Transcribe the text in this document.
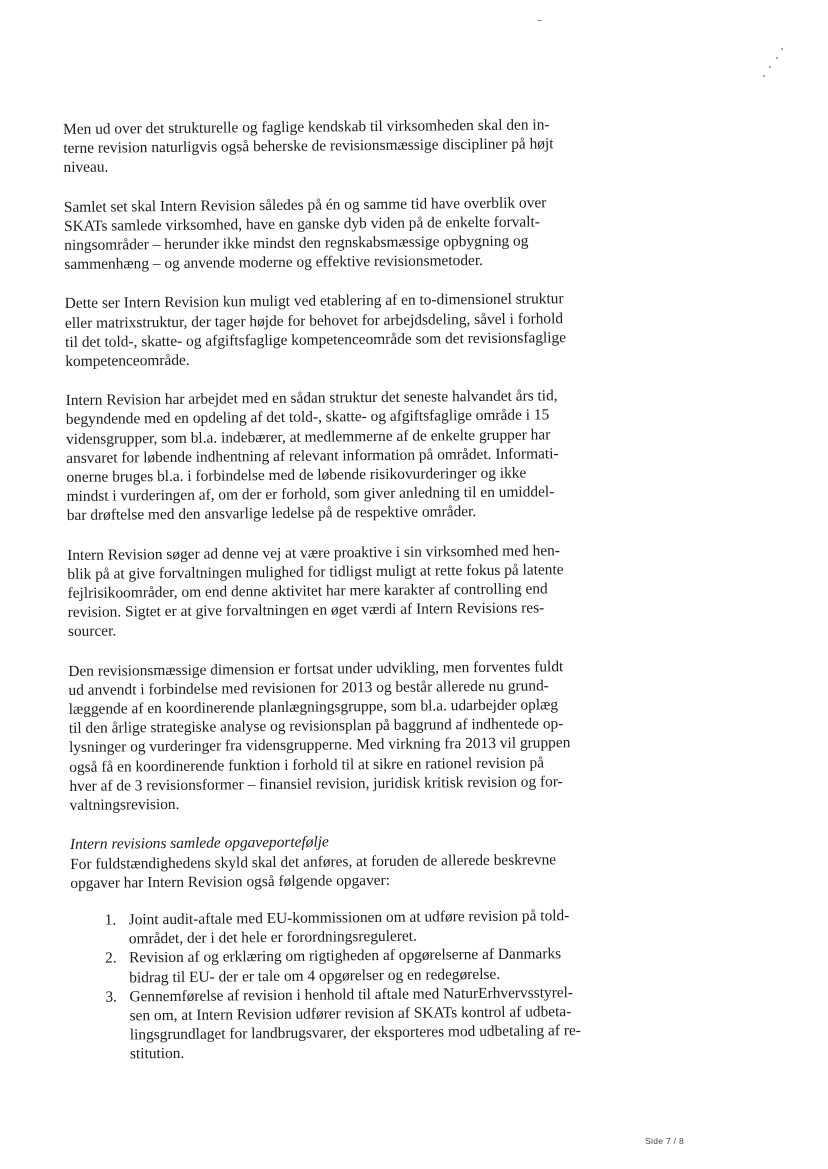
Men ud over det strukturelle og faglige kendskab til virksomheden skal den in-
terne revision naturligvis også beherske de revisionsmæssige discipliner på højt
niveau.

Samlet set skal Intern Revision således på én og samme tid have overblik over
SKATs samlede virksomhed, have en ganske dyb viden på de enkelte forvalt-
ningsområder – herunder ikke mindst den regnskabsmæssige opbygning og
sammenhæng – og anvende moderne og effektive revisionsmetoder.

Dette ser Intern Revision kun muligt ved etablering af en to-dimensionel struktur
eller matrixstruktur, der tager højde for behovet for arbejdsdeling, såvel i forhold
til det told-, skatte- og afgiftsfaglige kompetenceområde som det revisionsfaglige
kompetenceområde.

Intern Revision har arbejdet med en sådan struktur det seneste halvandet års tid,
begyndende med en opdeling af det told-, skatte- og afgiftsfaglige område i 15
vidensgrupper, som bl.a. indebærer, at medlemmerne af de enkelte grupper har
ansvaret for løbende indhentning af relevant information på området. Informati-
onerne bruges bl.a. i forbindelse med de løbende risikovurderinger og ikke
mindst i vurderingen af, om der er forhold, som giver anledning til en umiddel-
bar drøftelse med den ansvarlige ledelse på de respektive områder.

Intern Revision søger ad denne vej at være proaktive i sin virksomhed med hen-
blik på at give forvaltningen mulighed for tidligst muligt at rette fokus på latente
fejlrisikoområder, om end denne aktivitet har mere karakter af controlling end
revision. Sigtet er at give forvaltningen en øget værdi af Intern Revisions res-
sourcer.

Den revisionsmæssige dimension er fortsat under udvikling, men forventes fuldt
ud anvendt i forbindelse med revisionen for 2013 og består allerede nu grund-
læggende af en koordinerende planlægningsgruppe, som bl.a. udarbejder oplæg
til den årlige strategiske analyse og revisionsplan på baggrund af indhentede op-
lysninger og vurderinger fra vidensgrupperne. Med virkning fra 2013 vil gruppen
også få en koordinerende funktion i forhold til at sikre en rationel revision på
hver af de 3 revisionsformer – finansiel revision, juridisk kritisk revision og for-
valtningsrevision.

Intern revisions samlede opgaveportefølje

For fuldstændighedens skyld skal det anføres, at foruden de allerede beskrevne
opgaver har Intern Revision også følgende opgaver:

1. Joint audit-aftale med EU-kommissionen om at udføre revision på told-
området, der i det hele er forordningsreguleret.
2. Revision af og erklæring om rigtigheden af opgørelserne af Danmarks
bidrag til EU- der er tale om 4 opgørelser og en redegørelse.
3. Gennemførelse af revision i henhold til aftale med NaturErhvervsstyrel-
sen om, at Intern Revision udfører revision af SKATs kontrol af udbeta-
lingsgrundlaget for landbrugsvarer, der eksporteres mod udbetaling af re-
stitution.
Side 7 / 8
